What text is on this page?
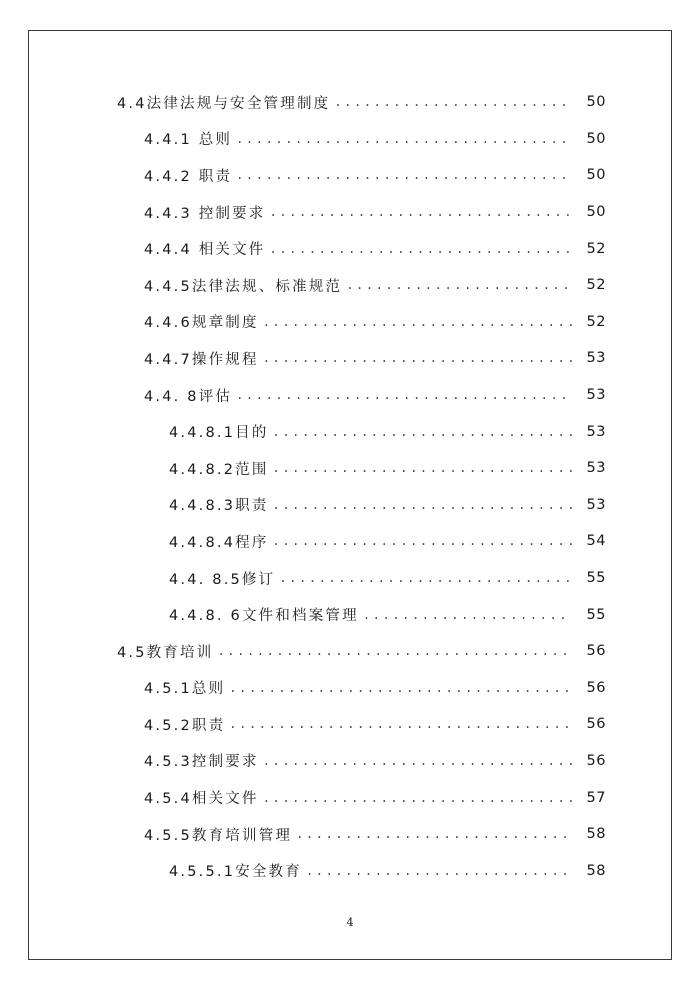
4.4法律法规与安全管理制度 .....	50
4.4.1 总则 .....	50
4.4.2 职责 .....	50
4.4.3 控制要求 .....	50
4.4.4 相关文件 .....	52
4.4.5法律法规、标准规范 .....	52
4.4.6规章制度 .....	52
4.4.7操作规程 .....	53
4.4. 8评估 .....	53
4.4.8.1目的 .....	53
4.4.8.2范围 .....	53
4.4.8.3职责 .....	53
4.4.8.4程序 .....	54
4.4. 8.5修订 .....	55
4.4.8. 6文件和档案管理 .....	55
4.5教育培训 .....	56
4.5.1总则 .....	56
4.5.2职责 .....	56
4.5.3控制要求 .....	56
4.5.4相关文件 .....	57
4.5.5教育培训管理 .....	58
4.5.5.1安全教育 .....	58
4
